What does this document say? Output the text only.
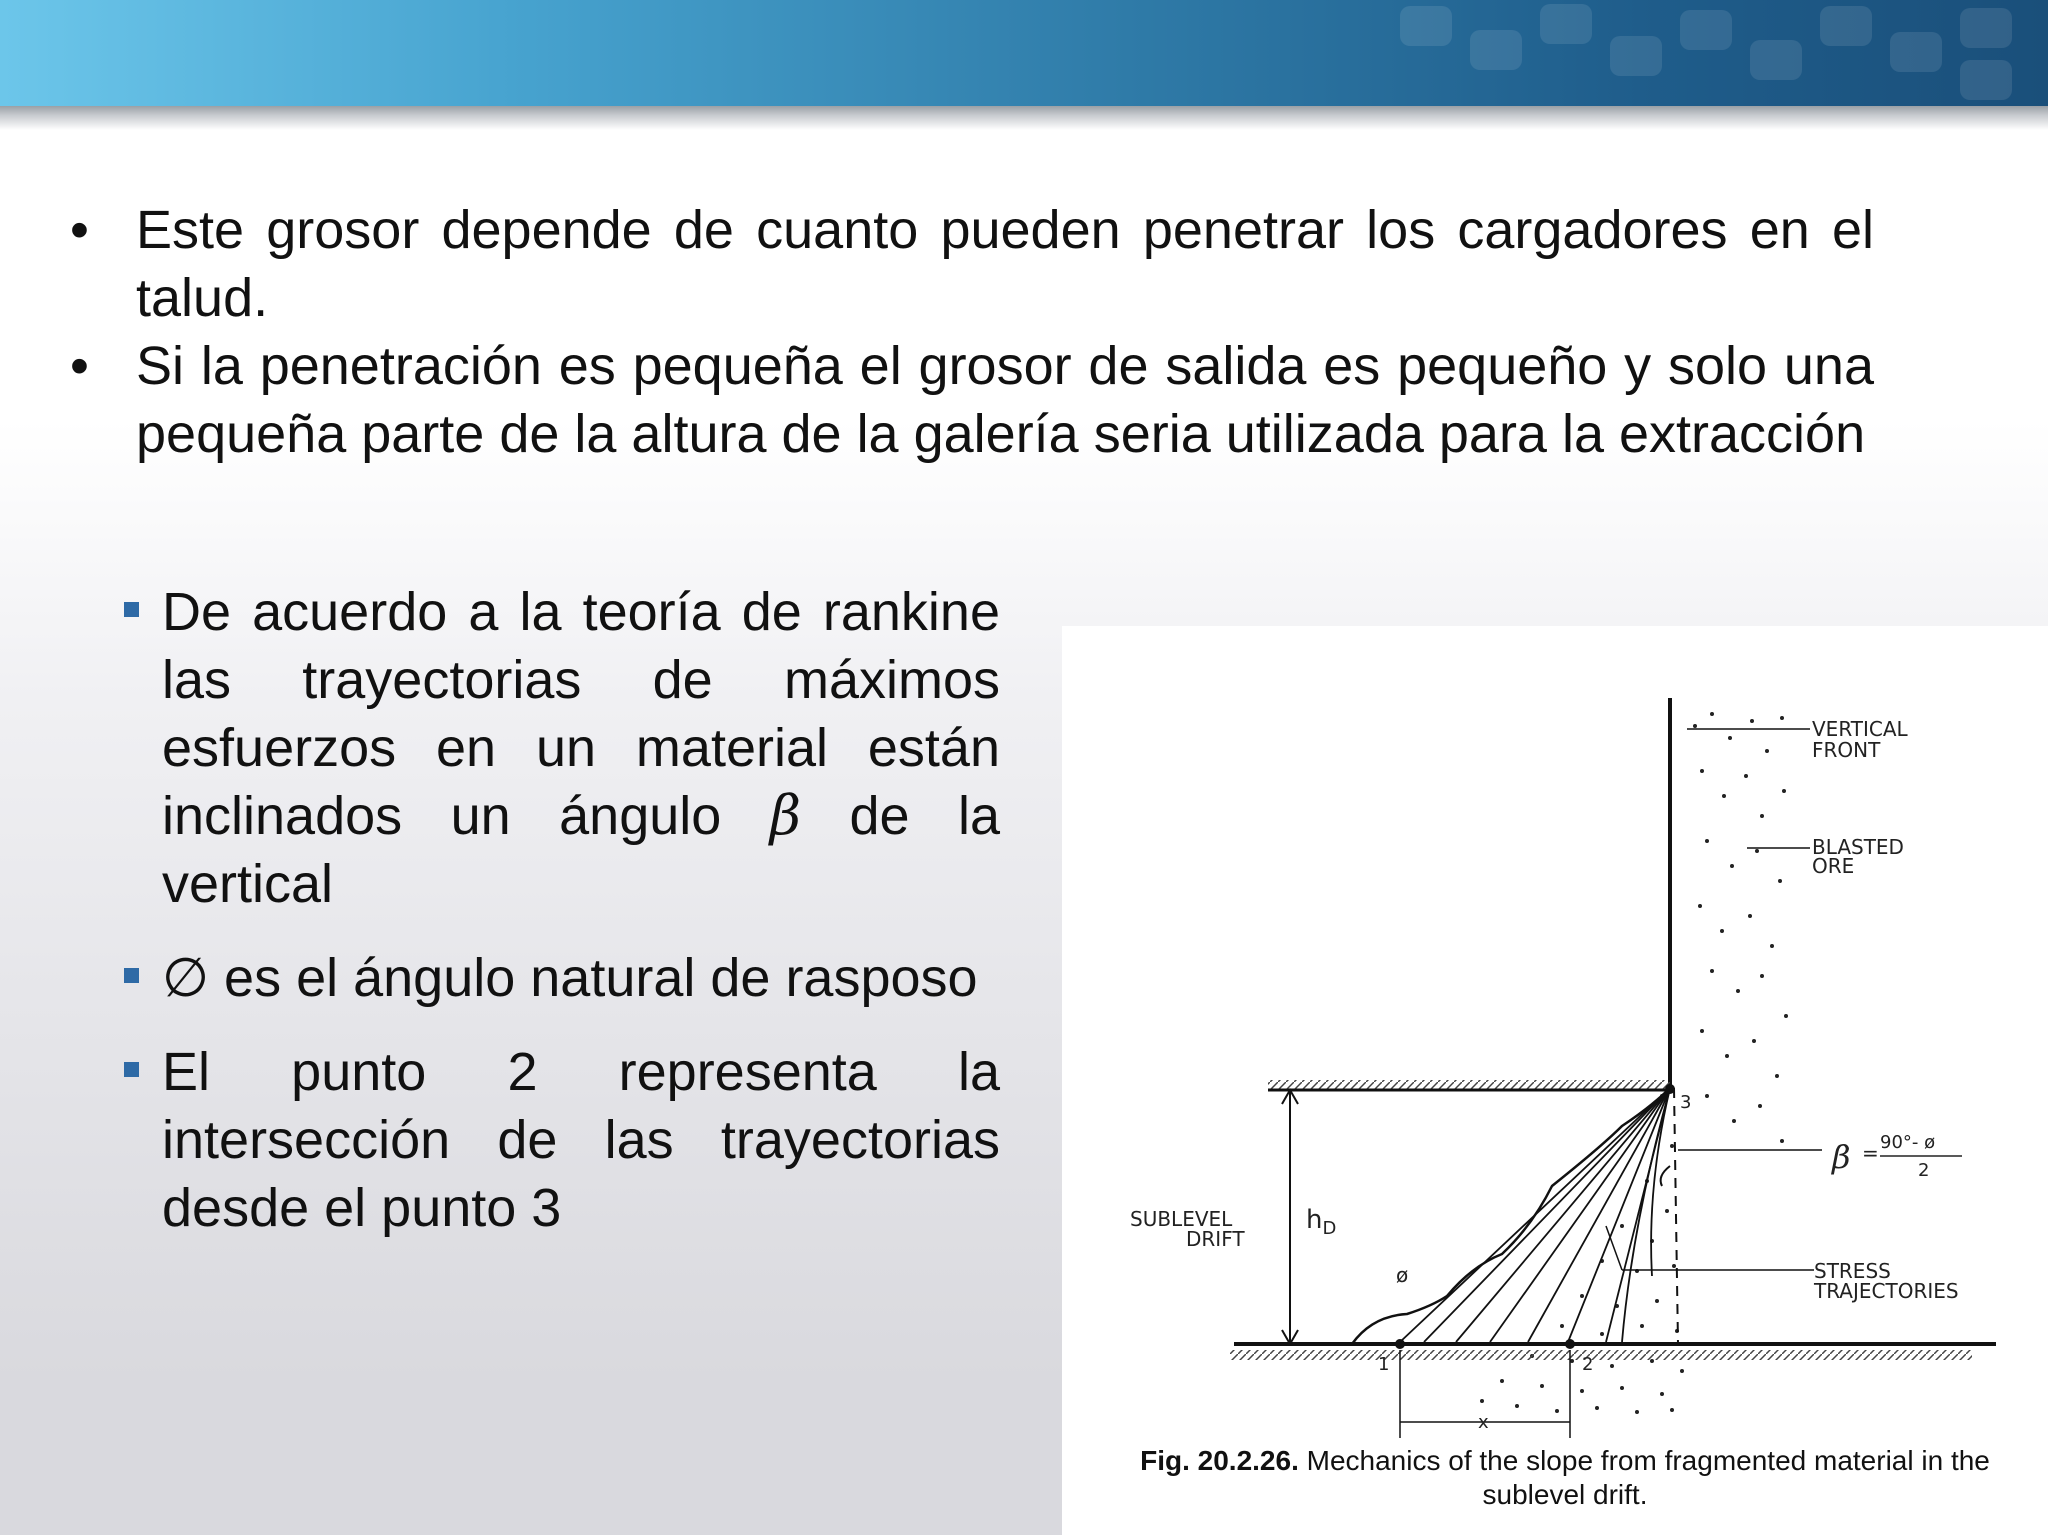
• Este grosor depende de cuanto pueden penetrar los cargadores en el talud.
• Si la penetración es pequeña el grosor de salida es pequeño y solo una pequeña parte de la altura de la galería seria utilizada para la extracción
De acuerdo a la teoría de rankine las trayectorias de máximos esfuerzos en un material están inclinados un ángulo β de la vertical
∅ es el ángulo natural de rasposo
El punto 2 representa la intersección de las trayectorias desde el punto 3
VERTICAL
FRONT
BLASTED
ORE
SUBLEVEL
DRIFT
STRESS
TRAJECTORIES
$h_D$
ø
β = 90°- ø
2
3
1	2
x
Fig. 20.2.26. Mechanics of the slope from fragmented material in the sublevel drift.
